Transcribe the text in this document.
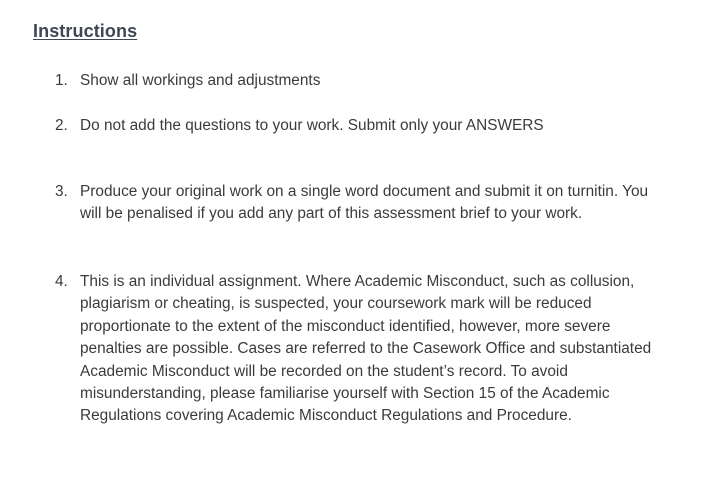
Instructions
1. Show all workings and adjustments
2. Do not add the questions to your work. Submit only your ANSWERS
3. Produce your original work on a single word document and submit it on turnitin. You will be penalised if you add any part of this assessment brief to your work.
4. This is an individual assignment. Where Academic Misconduct, such as collusion, plagiarism or cheating, is suspected, your coursework mark will be reduced proportionate to the extent of the misconduct identified, however, more severe penalties are possible. Cases are referred to the Casework Office and substantiated Academic Misconduct will be recorded on the student’s record. To avoid misunderstanding, please familiarise yourself with Section 15 of the Academic Regulations covering Academic Misconduct Regulations and Procedure.
